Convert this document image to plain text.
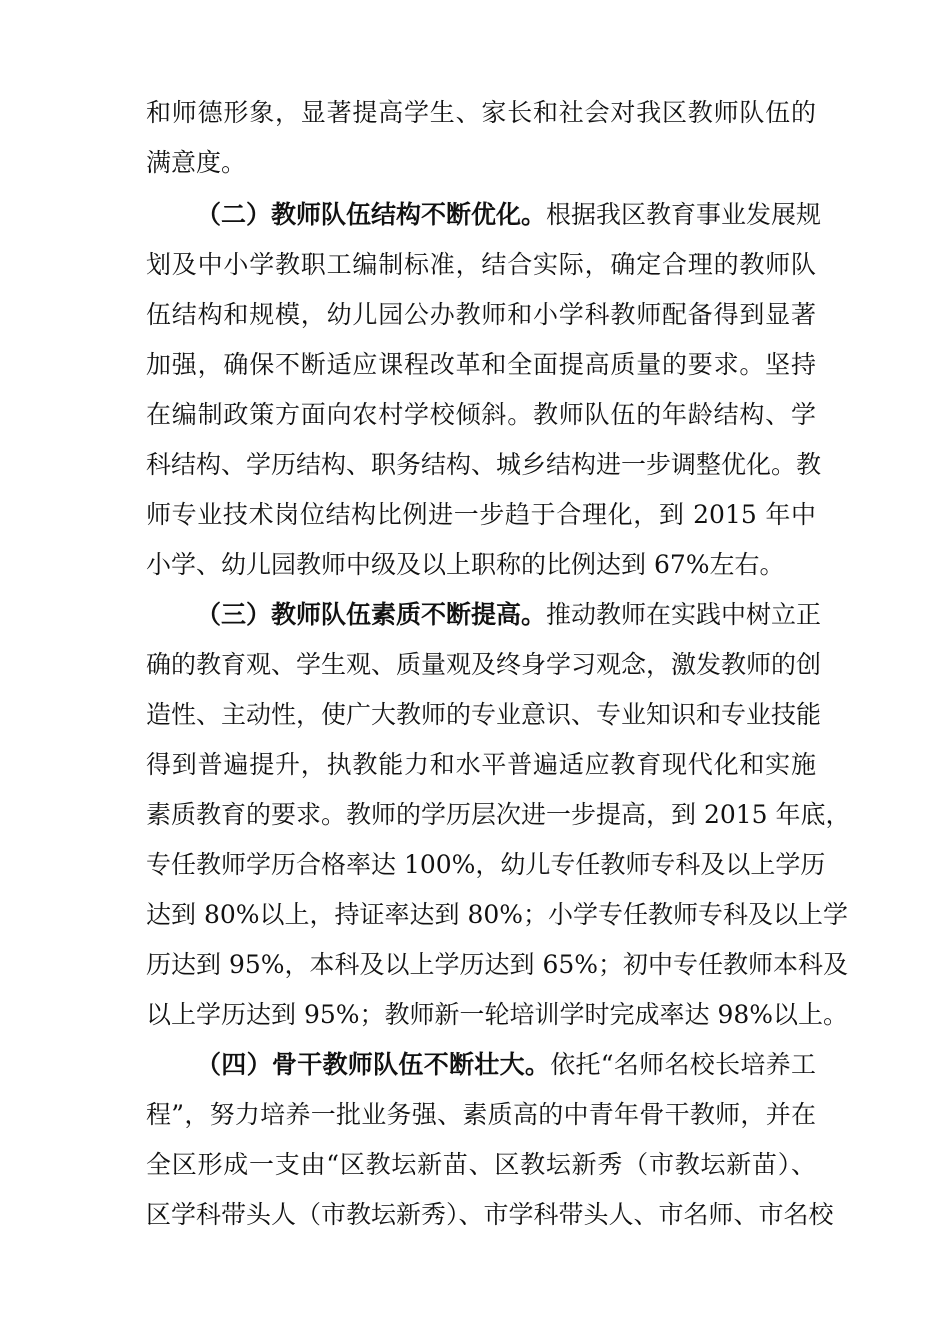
和师德形象，显著提高学生、家长和社会对我区教师队伍的
满意度。
（二）教师队伍结构不断优化。根据我区教育事业发展规
划及中小学教职工编制标准，结合实际，确定合理的教师队
伍结构和规模，幼儿园公办教师和小学科教师配备得到显著
加强，确保不断适应课程改革和全面提高质量的要求。坚持
在编制政策方面向农村学校倾斜。教师队伍的年龄结构、学
科结构、学历结构、职务结构、城乡结构进一步调整优化。教
师专业技术岗位结构比例进一步趋于合理化，到 2015 年中
小学、幼儿园教师中级及以上职称的比例达到 67%左右。
（三）教师队伍素质不断提高。推动教师在实践中树立正
确的教育观、学生观、质量观及终身学习观念，激发教师的创
造性、主动性，使广大教师的专业意识、专业知识和专业技能
得到普遍提升，执教能力和水平普遍适应教育现代化和实施
素质教育的要求。教师的学历层次进一步提高，到 2015 年底，
专任教师学历合格率达 100%，幼儿专任教师专科及以上学历
达到 80%以上，持证率达到 80%；小学专任教师专科及以上学
历达到 95%，本科及以上学历达到 65%；初中专任教师本科及
以上学历达到 95%；教师新一轮培训学时完成率达 98%以上。
（四）骨干教师队伍不断壮大。依托“名师名校长培养工
程”，努力培养一批业务强、素质高的中青年骨干教师，并在
全区形成一支由“区教坛新苗、区教坛新秀（市教坛新苗）、
区学科带头人（市教坛新秀）、市学科带头人、市名师、市名校
